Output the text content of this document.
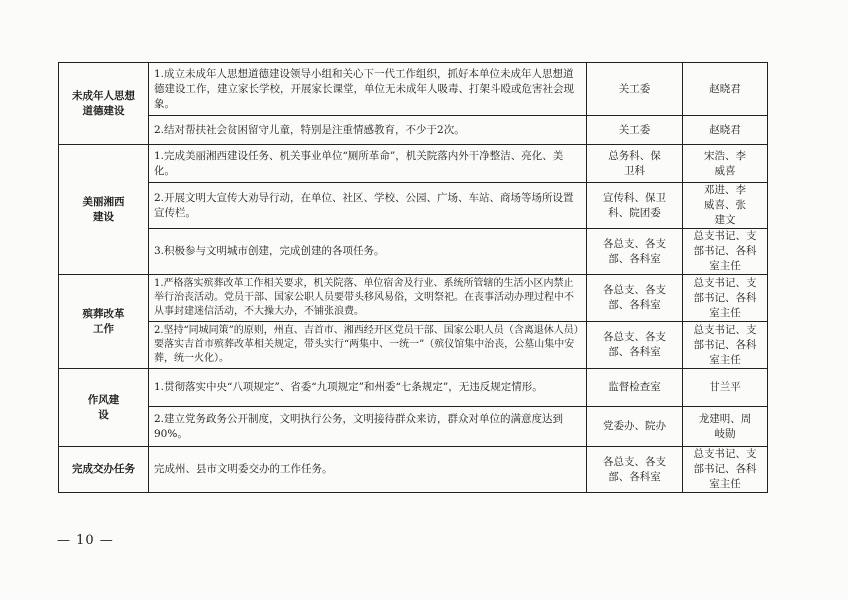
未成年人思想道德建设	1.成立未成年人思想道德建设领导小组和关心下一代工作组织，抓好本单位未成年人思想道德建设工作，建立家长学校，开展家长课堂，单位无未成年人吸毒、打架斗殴或危害社会现象。	关工委	赵晓君
	2.结对帮扶社会贫困留守儿童，特别是注重情感教育，不少于2次。	关工委	赵晓君

美丽湘西建设	1.完成美丽湘西建设任务、机关事业单位“厕所革命”，机关院落内外干净整洁、亮化、美化。	总务科、保卫科	宋浩、李威喜
	2.开展文明大宣传大劝导行动，在单位、社区、学校、公园、广场、车站、商场等场所设置宣传栏。	宣传科、保卫科、院团委	邓进、李威喜、张建文
	3.积极参与文明城市创建，完成创建的各项任务。	各总支、各支部、各科室	总支书记、支部书记、各科室主任

殡葬改革工作	1.严格落实殡葬改革工作相关要求，机关院落、单位宿舍及行业、系统所管辖的生活小区内禁止举行治丧活动。党员干部、国家公职人员要带头移风易俗，文明祭祀。在丧事活动办理过程中不从事封建迷信活动，不大操大办，不铺张浪费。	各总支、各支部、各科室	总支书记、支部书记、各科室主任
	2.坚持“同城同策”的原则，州直、吉首市、湘西经开区党员干部、国家公职人员（含离退休人员）要落实吉首市殡葬改革相关规定，带头实行“两集中、一统一”（殡仪馆集中治丧，公墓山集中安葬，统一火化）。	各总支、各支部、各科室	总支书记、支部书记、各科室主任

作风建设	1.贯彻落实中央“八项规定”、省委“九项规定”和州委“七条规定”，无违反规定情形。	监督检查室	甘兰平
	2.建立党务政务公开制度，文明执行公务，文明接待群众来访，群众对单位的满意度达到90%。	党委办、院办	龙建明、周岐勋

完成交办任务	完成州、县市文明委交办的工作任务。	各总支、各支部、各科室	总支书记、支部书记、各科室主任
— 10 —
